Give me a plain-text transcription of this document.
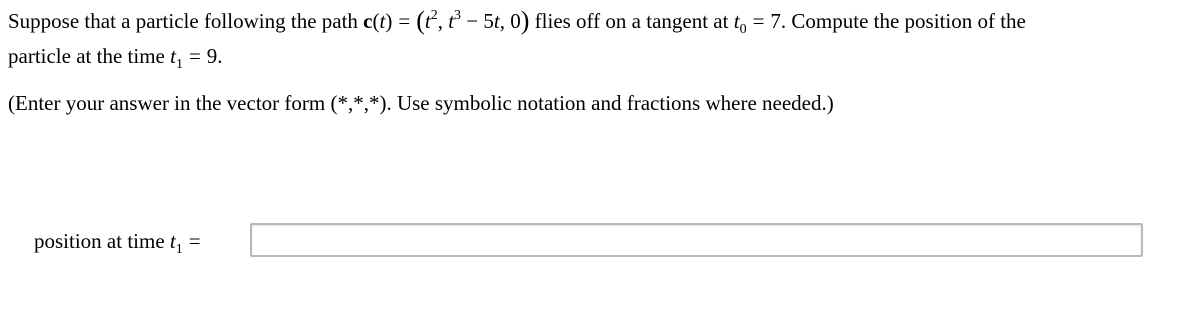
Suppose that a particle following the path $c(t) = (t^2$, $t^3 - 5t$, 0) flies off on a tangent at $t_0 = 7$. Compute the position of the
particle at the time $t_1 = 9$.
(Enter your answer in the vector form (*,*,*). Use symbolic notation and fractions where needed.)
position at time $t_1$ =
